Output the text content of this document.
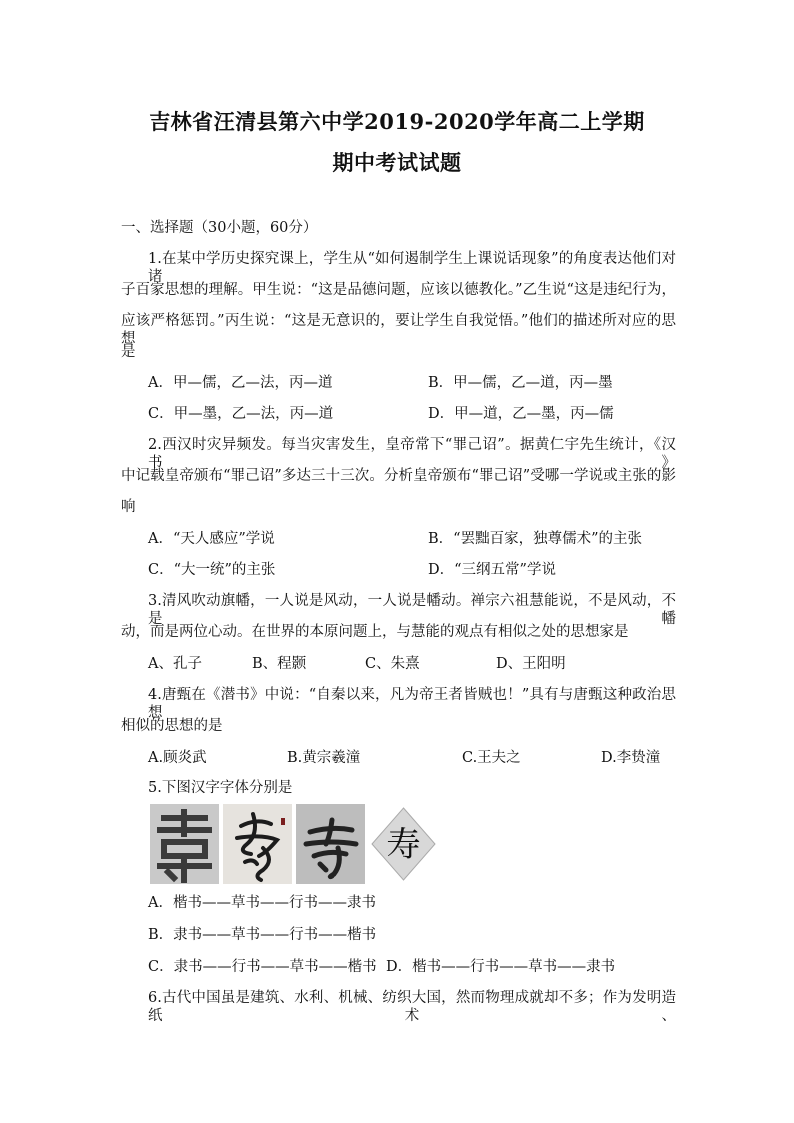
吉林省汪清县第六中学2019-2020学年高二上学期
期中考试试题
一、选择题（30小题，60分）
1.在某中学历史探究课上，学生从“如何遏制学生上课说话现象”的角度表达他们对诸
子百家思想的理解。甲生说：“这是品德问题，应该以德教化。”乙生说“这是违纪行为，
应该严格惩罚。”丙生说：“这是无意识的，要让学生自我觉悟。”他们的描述所对应的思想
是
A．甲—儒，乙—法，丙—道	B．甲—儒，乙—道，丙—墨
C．甲—墨，乙—法，丙—道	D．甲—道，乙—墨，丙—儒
2.西汉时灾异频发。每当灾害发生，皇帝常下“罪己诏”。据黄仁宇先生统计，《汉书》
中记载皇帝颁布“罪己诏”多达三十三次。分析皇帝颁布“罪己诏”受哪一学说或主张的影
响
A．“天人感应”学说	B．“罢黜百家，独尊儒术”的主张
C．“大一统”的主张	D．“三纲五常”学说
3.清风吹动旗幡，一人说是风动，一人说是幡动。禅宗六祖慧能说，不是风动，不是幡
动，而是两位心动。在世界的本原问题上，与慧能的观点有相似之处的思想家是
A、孔子	B、程颢	C、朱熹	D、王阳明
4.唐甄在《潜书》中说：“自秦以来，凡为帝王者皆贼也！”具有与唐甄这种政治思想
相似的思想的是
A.顾炎武	B.黄宗羲潼	C.王夫之	D.李贽潼
5.下图汉字字体分别是
寿
A．楷书——草书——行书——隶书
B．隶书——草书——行书——楷书
C．隶书——行书——草书——楷书 D．楷书——行书——草书——隶书
6.古代中国虽是建筑、水利、机械、纺织大国，然而物理成就却不多；作为发明造纸术、
